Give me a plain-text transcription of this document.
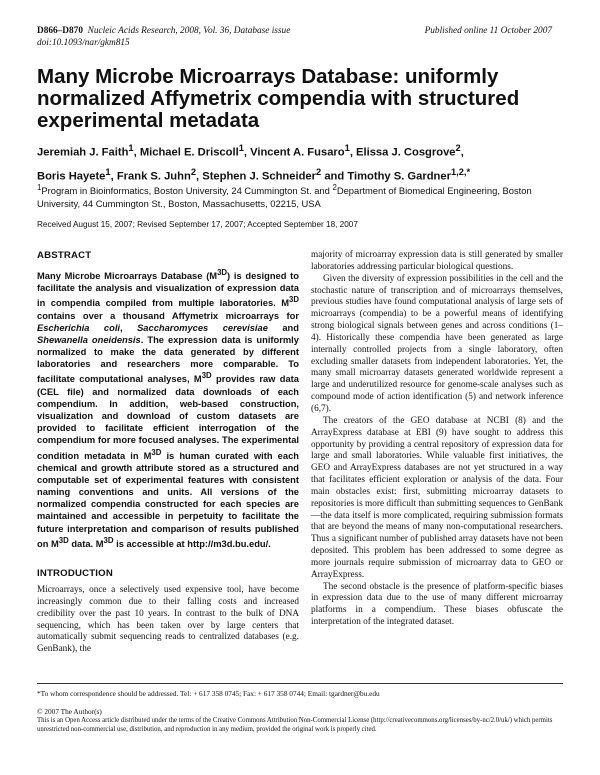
D866–D870 Nucleic Acids Research, 2008, Vol. 36, Database issue
doi:10.1093/nar/gkm815
Published online 11 October 2007
Many Microbe Microarrays Database: uniformly normalized Affymetrix compendia with structured experimental metadata
Jeremiah J. Faith$^1$, Michael E. Driscoll$^1$, Vincent A. Fusaro$^1$, Elissa J. Cosgrove$^2$,
Boris Hayete$^1$, Frank S. Juhn$^2$, Stephen J. Schneider$^2$ and Timothy S. Gardner$^{1,2,*}$
$^1$Program in Bioinformatics, Boston University, 24 Cummington St. and $^2$Department of Biomedical Engineering, Boston University, 44 Cummington St., Boston, Massachusetts, 02215, USA
Received August 15, 2007; Revised September 17, 2007; Accepted September 18, 2007
ABSTRACT

Many Microbe Microarrays Database $(M^{3D})$ is designed to facilitate the analysis and visualization of expression data in compendia compiled from multiple laboratories. $M^{3D}$ contains over a thousand Affymetrix microarrays for Escherichia coli, Saccharomyces cerevisiae and Shewanella oneidensis. The expression data is uniformly normalized to make the data generated by different laboratories and researchers more comparable. To facilitate computational analyses, $M^{3D}$ provides raw data (CEL file) and normalized data downloads of each compendium. In addition, web-based construction, visualization and download of custom datasets are provided to facilitate efficient interrogation of the compendium for more focused analyses. The experimental condition metadata in $M^{3D}$ is human curated with each chemical and growth attribute stored as a structured and computable set of experimental features with consistent naming conventions and units. All versions of the normalized compendia constructed for each species are maintained and accessible in perpetuity to facilitate the future interpretation and comparison of results published on $M^{3D}$ data. $M^{3D}$ is accessible at http://m3d.bu.edu/.

INTRODUCTION

Microarrays, once a selectively used expensive tool, have become increasingly common due to their falling costs and increased credibility over the past 10 years. In contrast to the bulk of DNA sequencing, which has been taken over by large centers that automatically submit sequencing reads to centralized databases (e.g. GenBank), the

majority of microarray expression data is still generated by smaller laboratories addressing particular biological questions.

Given the diversity of expression possibilities in the cell and the stochastic nature of transcription and of microarrays themselves, previous studies have found computational analysis of large sets of microarrays (compendia) to be a powerful means of identifying strong biological signals between genes and across conditions (1–4). Historically these compendia have been generated as large internally controlled projects from a single laboratory, often excluding smaller datasets from independent laboratories. Yet, the many small microarray datasets generated worldwide represent a large and underutilized resource for genome-scale analyses such as compound mode of action identification (5) and network inference (6,7).

The creators of the GEO database at NCBI (8) and the ArrayExpress database at EBI (9) have sought to address this opportunity by providing a central repository of expression data for large and small laboratories. While valuable first initiatives, the GEO and ArrayExpress databases are not yet structured in a way that facilitates efficient exploration or analysis of the data. Four main obstacles exist: first, submitting microarray datasets to repositories is more difficult than submitting sequences to GenBank—the data itself is more complicated, requiring submission formats that are beyond the means of many non-computational researchers. Thus a significant number of published array datasets have not been deposited. This problem has been addressed to some degree as more journals require submission of microarray data to GEO or ArrayExpress.

The second obstacle is the presence of platform-specific biases in expression data due to the use of many different microarray platforms in a compendium. These biases obfuscate the interpretation of the integrated dataset.

*To whom correspondence should be addressed. Tel: + 617 358 0745; Fax: + 617 358 0744; Email: tgardner@bu.edu
© 2007 The Author(s)
This is an Open Access article distributed under the terms of the Creative Commons Attribution Non-Commercial License (http://creativecommons.org/licenses/by-nc/2.0/uk/) which permits unrestricted non-commercial use, distribution, and reproduction in any medium, provided the original work is properly cited.
